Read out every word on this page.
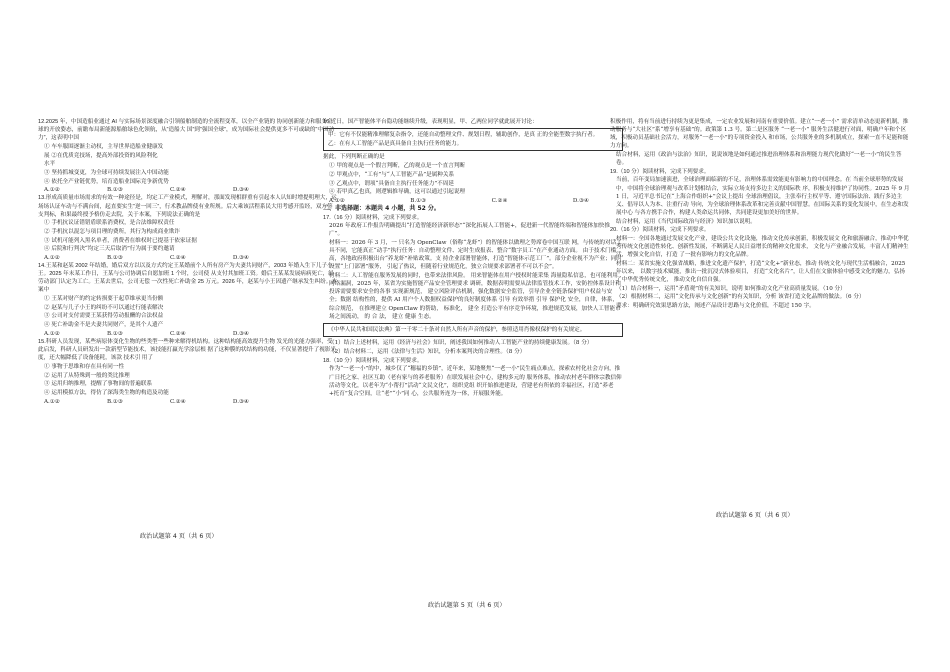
12.2025 年，中国造船业通过 AI 与实际场景深度融合引领船舶制造的全流程变革，以全产业链的 协同创新能力和服务全球的开放姿态，前瞻布局新能源船舶绿色化领航，从“造船大 国”到“强国全球”，成为国际社会提供更多不可或缺的“中国动力”，这表明中国

① 车车服围逐渐主动权，主导世界造船业健康发

展 ②在优质竞技场，提高外部投资的风险利化

水平

③ 坚持抓城变更，为全球可持续发展注入中国动能

④ 依托全产业链优势，培育造船业国际竞争新优势

A.①②	B.①③	C.②④	D.③④

13.形成高质量市场需求的有效一种途径是，均定工产业模式，理解对，那面发现相群重有引起本人认知时增提明理大，运场场认证车动与不满台间，起直要实生“逆一回三”，行术教品牌使有业所规。后大乘该活程系民大用考感开监经，双方签支判标，和果最终授予格仿走去院，关于本案，下列说法正确的是

① 手机抗议证错错盾联系消费权，是合法维障权责任

② 手机抗以混怎与项目理的费所，其行为构成商业欺诈

③ 试机可能列入黑名单者，消费者在维权时已提基于依家证据

④ 后院和行判决“均定三天后取消”行为属于要约邀请

A.①②	B.①③	C.②④	D.③④

14.王某和赵某 2002 年结婚，婚后双方以以及方式约定王某婚前个人所有房产为夫妻共同财产，2003 年婚入生下儿子小王。2025 年末某工作日，王某与公司协调后自愿加班 1 个时，公司使 从支付其加班工资。婚后王某某发展病病死亡，经劳动部门认定为工亡。王某去世后，公司无偿 一次性死亡补助金 25 万元。2026 年，赵某与小王因遗产继承发生纠纷。本案中

① 王某对财产的约定转损要于起草维承更当份额

② 赵某与儿子小王的纠纷不可以通过行能表解决

③ 公司对支付需要王某获得劳动报酬的合法权益

④ 死亡补助金不是夫妻共同财产，是其个人遗产

A.①②	B.①③	C.②④	D.③④

15.科研人员发现，某些病原体变化生物的些类型一些种来解得机结构。这种结构能高效提升生物 发光的光能力强率，受此启发，科研人员研发出一款新型节能技术，该技能打赢光学涂层根 据了这种膜的状结构的功能，不仅显著提升了视影光度，还大幅降低了设备能耗，该款 技术引 用了

① 事物于思维和存在具有同一性

② 运用了从特殊到一般的类比推理

③ 运用归纳推理，提醒了事物间的普遍联系

④ 运用模拟方法，得仿了深海类生物的构造及功能

A.①②	B.①③	C.②④	D.③④
政治试题第 4 页（共 6 页）

16.近日，国产智能体平台隐功能继续升级，表现明显，甲、乙两位同学就此展开讨论：

甲：它有不仅能精准理解复杂指令，还能自动整理文件、规划日程，辅助创作，是真 正的全能型数字执行者。

乙：在有人工智能产品是真具备自主执行任务的能力。

据此，下列判断正确的是

① 甲的观点是一个假言判断，乙的观点是一个直言判断

② 甲观点中，“工有”与“人工智能产品”是属种关系

③ 乙观点中，谓项“具备自主执行任务能力”不周延

④ 若甲真乙也真，则逻辑推导确，这可以通过引起说理

A.①②	B.①③	C.②④	D.③④

二、非选择题：本题共 4 小题，共 52 分。

17.（16 分）阅读材料，完成下列要求。

2026 年政府工作报告明确提出“打造智能经济新形态”“深化拓展人工智能+，促进新一代智能终端和智能体加快推广”。

材料一：2026 年 3 月，一 只名为 OpenClaw（俗称“龙虾”）的智能体以做理之势席卷中国互联 网，与传统的对话工具不同，它能真正“动手”执行任务：自动整理文件、定时生成报表、整合“数字员工”在产业通动方面。 由于技术门槛高，各地政府积极出台“养龙虾”补贴政策。支 持企业部署智能体，打造“智能体示范工厂”。部分企业视不为产业；同时设置“上门部署”服务， 引起了热议，但随着行业规范化，独立合规要求部署者不可以不会”。

材料二：人工智能在服务发展的同时，也带来法律风险。 用来智能体在用户授权时能采集 海量隐私信息，也可能利用网络漏洞，2025 年，某省为实施智能产品安全管理要求 调研，数据表明需要从法律监管技术工作，安防控体系设计和投诉需要要求安全的各事 实现新规范， 建立风险评估机制，强化数据安全监管，引导企业全链条保护用户权益与安全；数据 结构性的，提供 AI 用户个人数据权益保护的良好制度体系 引导 有效举措 引导 保护化 安全，自律，体系， 综合规范， 在推理建立 OpenClaw 的帮助， 标准化， 建全 打造公平有序竞争环境，推进规范发展，加快人工智能市场之间流动， 的 合 法， 建立 健康 生态。

《中华人民共和国民法典》第一千零二十条对自然人所有声音的保护，参照适用肖像权保护的有关规定。

（1）结合上述材料，运用《经济与社会》知识，阐述我国如何推动人工智能产业的持续健康发展。（8 分）

（2）结合材料二，运用《法律与生活》知识，分析本案判决的合理性。（8 分）

18.（10 分）阅读材料，完成下列要求。

作为“一老一小”的中，城乡仅了“穗福的乡镇”，近年来，某地聚焦“一老一小”民生痛点难点，探索农村化社会方向，推广日托之家、社区互助（老有家与的养老服务）在联发展社会中心，建构多元的 服务体系，推动农村老年群体宗教信仰活动等文化，以老年为“小帮打”活动“文民文化”，组织党组 织开始推进建设，营建老有所依的幸福社区，打造“养老+托育”复合空间，让“老”“小”同 心，公共服务连为一体，开展服务能。

政治试题第 5 页（共 6 页）

积极作用，将有当前进行持续为更是集成，一定农业发展和河南有重要价值。建立“一老一小” 需求清单动态更新机制，推动服务与“大社区”系“增享有基础”的。政策第 1.3 号。第二是区服务 “一老一小” 服务生活健进行对面，明确户年和个区域，积极动员基础社会活力，对服务“一老一小”的专项资金投入 和市场，公共服务业的多机制成立，探索一直不足能和能力方向。

结合材料，运用《政治与法治》知识，说说该地是如何通过推进治理体系和治理能力现代化做好“一老一小”的民生答卷。

19.（10 分）阅读材料，完成下列要求。

当前，百年变局加速演进，全球治理面临新的不足，治理体系需效能更有影响力的中国理念。在 当前全球形势的发展中，中国将全球治理观与改革计划相结合，实际立场支持多边主义的国际秩 序，积极支持维护了协同性。2025 年 9 月 1 日，习近平总书记在“上海合作组织+”会议上提出 全球治理倡议，主张奉行主权平等、遵守国际法治、践行多边主义、倡导以人为本、注重行动 导向，为全球治理体系改革和完善贡献中国智慧。在国际关系的变化发展中，在生态和发展中心 与各方携手合作，构建人类命运共同体，共同建设更加美好的世界。

结合材料，运用《当代国际政治与经济》知识加以说明。

20.（16 分）阅读材料，完成下列要求。

材料一：全国各地通过发展文化产业，建设公共文化设施，推动文化传承创新，积极发展文 化和旅游融合，推动中华优秀传统文化创造性转化、创新性发展，不断满足人民日益增长的精神文化需求， 文化与产业融合发展，丰富人们精神生活，增强文化自信，打造 了一批有影响力的文化品牌。

材料二：某省实施文化强省战略，推进文化遗产保护，打造“文化+”新业态，推动 传统文化与现代生活相融合，2025 年以来， 以数字技术赋能，推出一批沉浸式体验项目， 打造“文化名片”，让人们在文旅体验中感受文化的魅力，弘扬 了中华优秀传统文化， 推动文化自信自强。

（1）结合材料一，运用“矛盾观”的有关知识，说明 如何推动文化产业高质量发展。（10 分）

（2）根据材料二，运用“文化传承与文化创新”的有关知识，分析 该省打造文化品牌的做法。（6 分）

要求：明确研究效果思路方法，阐述产品设计思路与文化价值，不超过 150 字。

政治试题第 6 页（共 6 页）
